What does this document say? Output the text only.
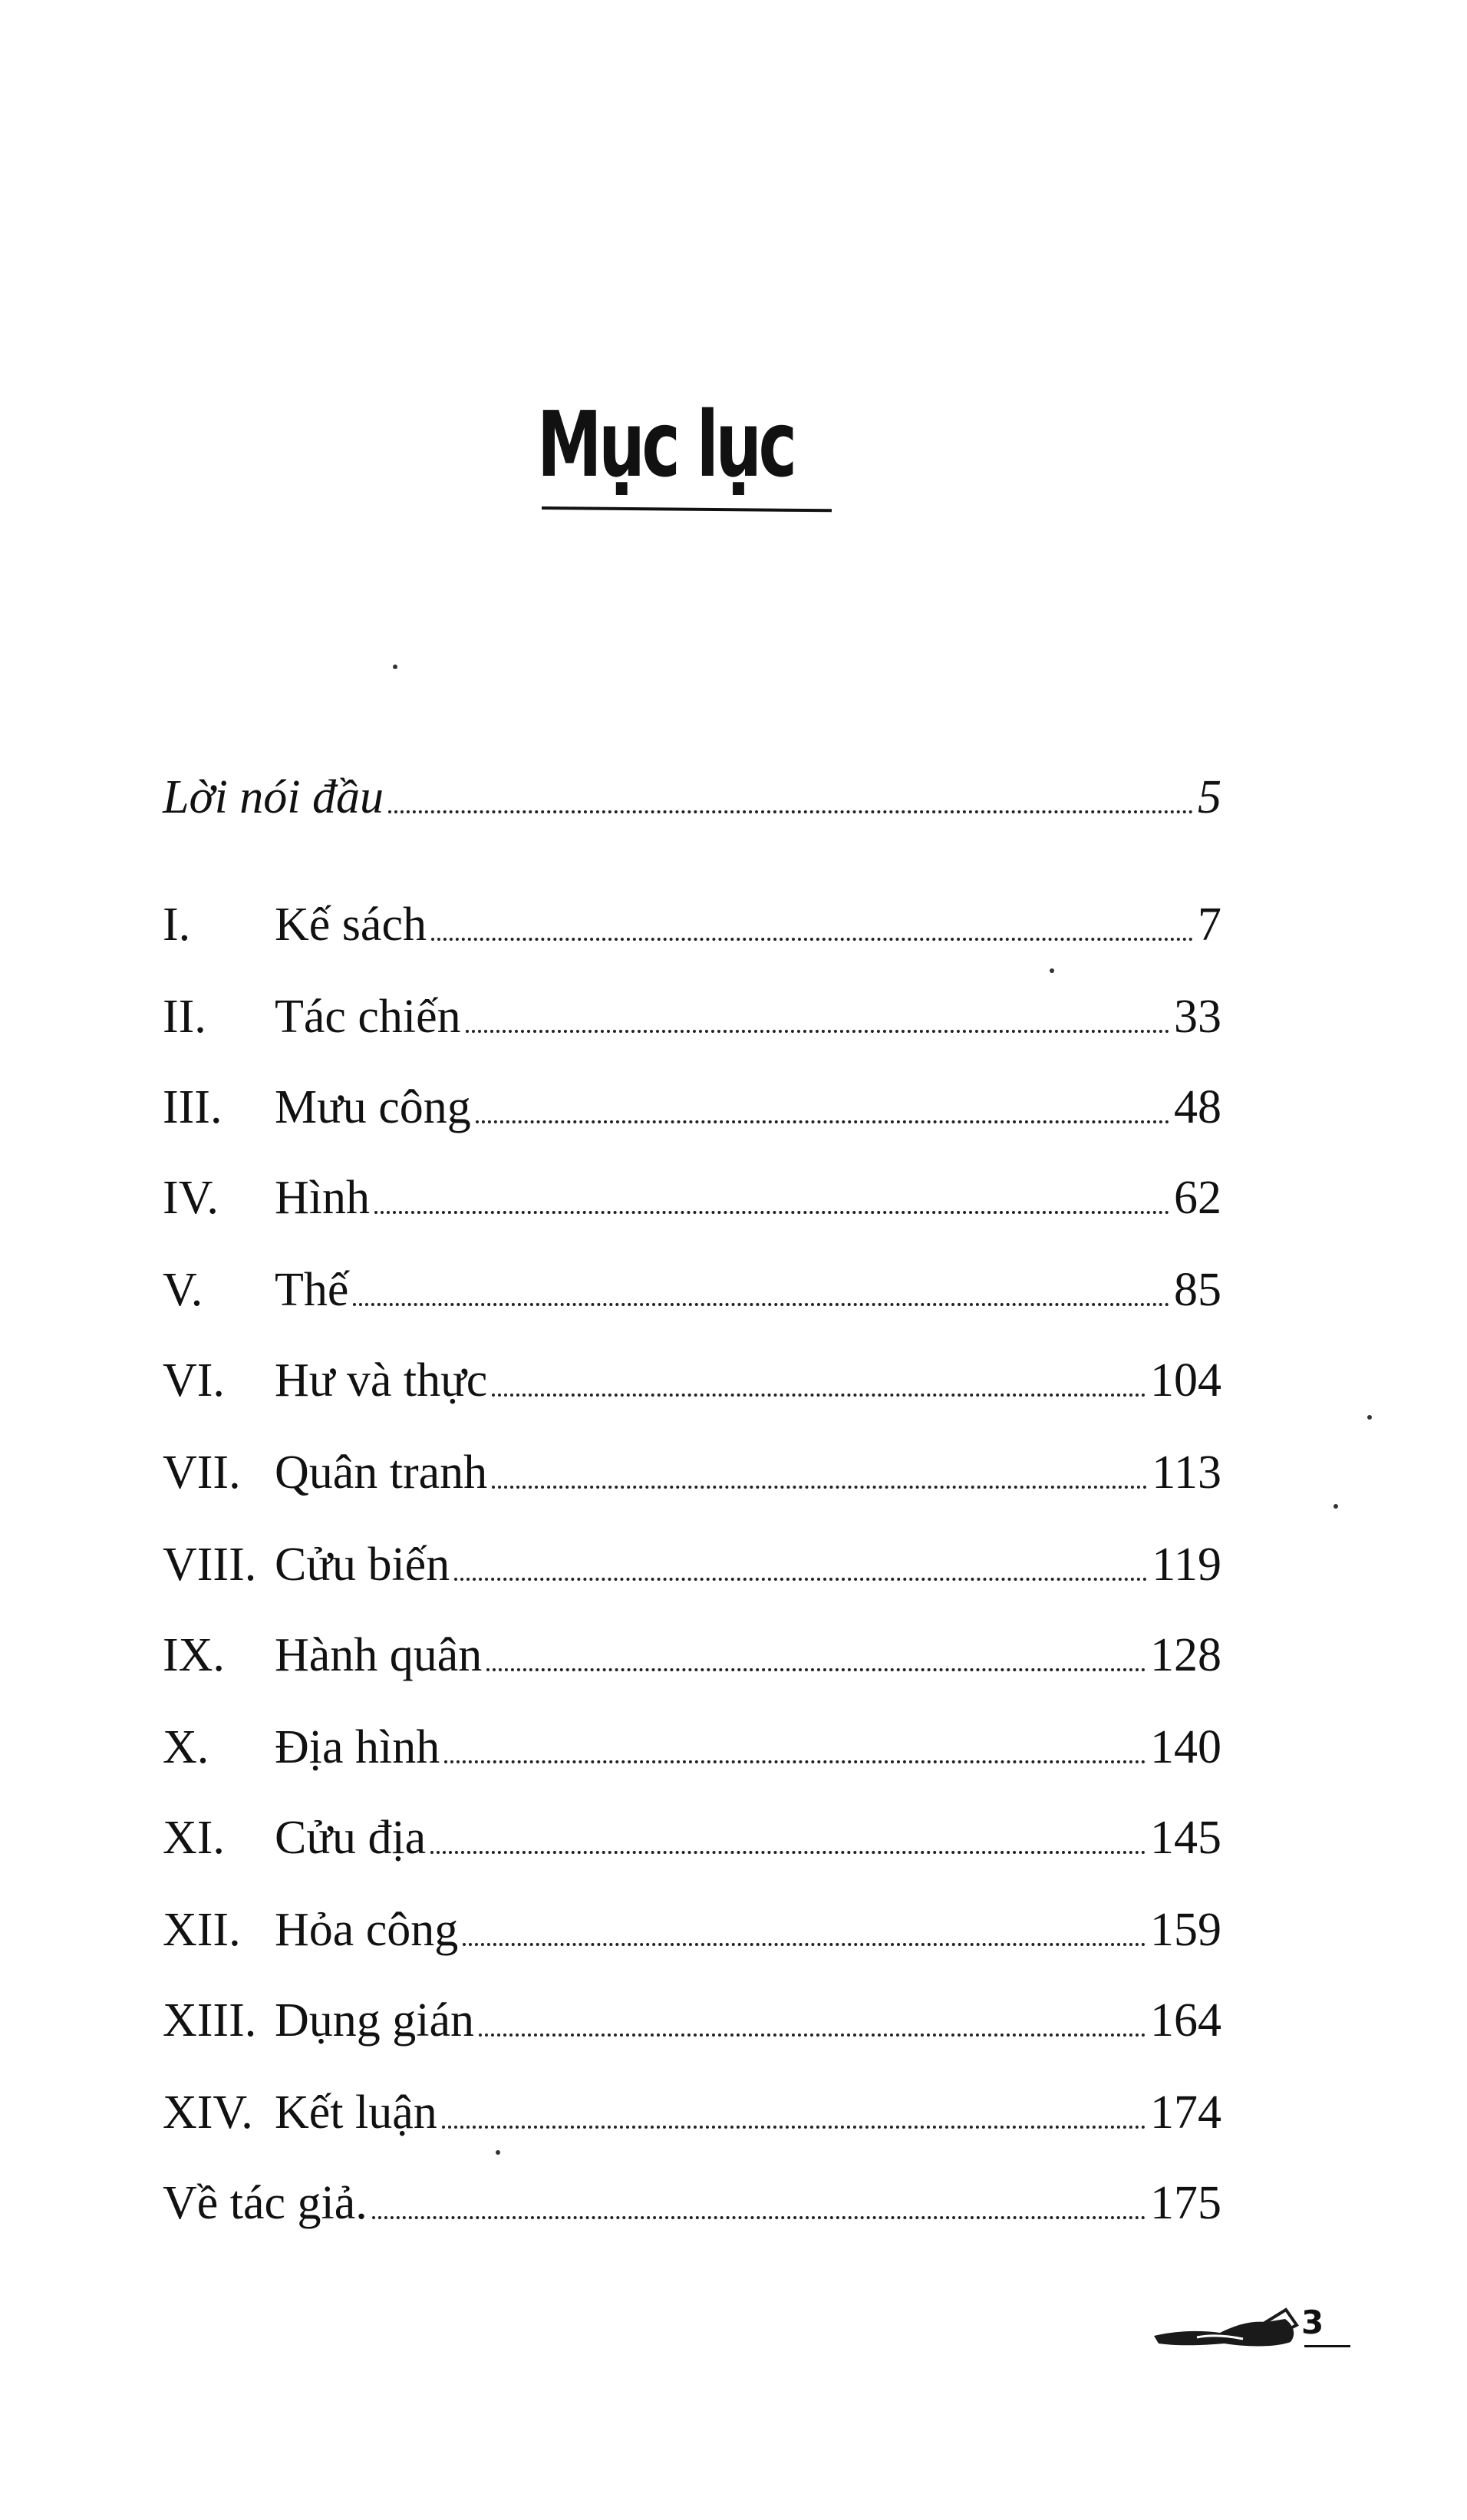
Mục lục
Lời nói đầu	5
I.	Kế sách	7
II.	Tác chiến	33
III.	Mưu công	48
IV.	Hình	62
V.	Thế	85
VI.	Hư và thực	104
VII. Quân tranh	113
VIII. Cửu biến	119
IX.	Hành quân	128
X.	Địa hình	140
XI.	Cửu địa	145
XII. Hỏa công	159
XIII. Dụng gián	164
XIV. Kết luận	174
Về tác giả.	175
3
